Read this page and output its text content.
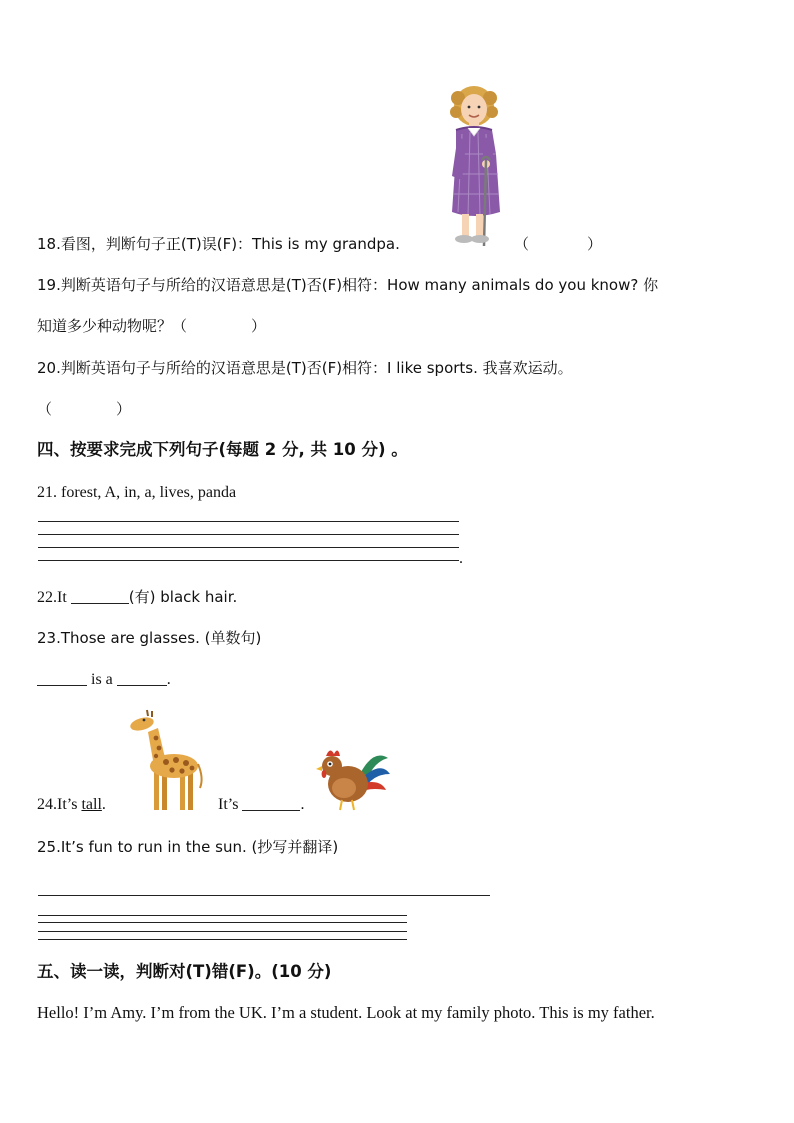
18.看图，判断句子正(T)误(F)：This is my grandpa.	（	）
19.判断英语句子与所给的汉语意思是(T)否(F)相符：How many animals do you know? 你
知道多少种动物呢？（	）
20.判断英语句子与所给的汉语意思是(T)否(F)相符：I like sports. 我喜欢运动。
（	）
四、按要求完成下列句子(每题 2 分, 共 10 分) 。
21. forest, A, in, a, lives, panda
.
22.It	(有) black hair.
23.Those are glasses. (单数句)
is a	.
24.It’s tall.	It’s	.
25.It’s fun to run in the sun. (抄写并翻译)
五、读一读，判断对(T)错(F)。(10 分)
Hello! I’m Amy. I’m from the UK. I’m a student. Look at my family photo. This is my father.
